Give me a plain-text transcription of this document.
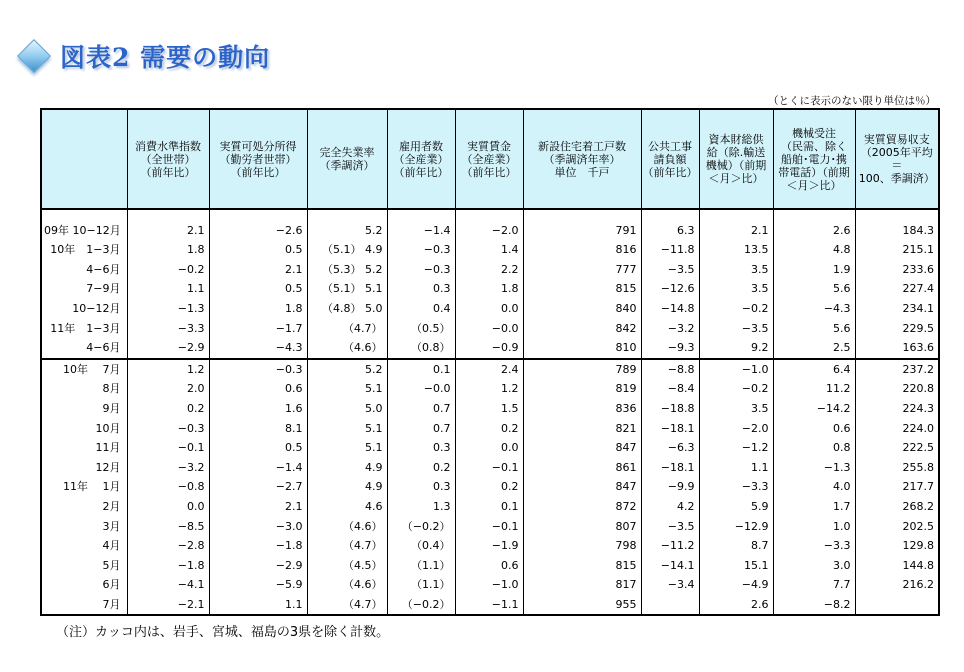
図表2 需要の動向
（とくに表示のない限り単位は％）
	消費水準指数
（全世帯）
（前年比）	実質可処分所得
（勤労者世帯）
（前年比）	完全失業率
（季調済）	雇用者数
（全産業）
（前年比）	実質賃金
（全産業）
（前年比）	新設住宅着工戸数
（季調済年率）
単位　千戸	公共工事
請負額
（前年比）	資本財総供
給（除.輸送
機械）（前期
＜月＞比）	機械受注
（民需、除く
船舶･電力･携
帯電話）（前期
＜月＞比）	実質貿易収支
（2005年平均＝
100、季調済）
09年 10−12月	2.1	−2.6	5.2	−1.4	−2.0	791	6.3	2.1	2.6	184.3
10年　1−3月	1.8	0.5	（5.1） 4.9	−0.3	1.4	816	−11.8	13.5	4.8	215.1
4−6月	−0.2	2.1	（5.3） 5.2	−0.3	2.2	777	−3.5	3.5	1.9	233.6
7−9月	1.1	0.5	（5.1） 5.1	0.3	1.8	815	−12.6	3.5	5.6	227.4
10−12月	−1.3	1.8	（4.8） 5.0	0.4	0.0	840	−14.8	−0.2	−4.3	234.1
11年　1−3月	−3.3	−1.7	（4.7）	（0.5）	−0.0	842	−3.2	−3.5	5.6	229.5
4−6月	−2.9	−4.3	（4.6）	（0.8）	−0.9	810	−9.3	9.2	2.5	163.6
10年　 7月	1.2	−0.3	5.2	0.1	2.4	789	−8.8	−1.0	6.4	237.2
8月	2.0	0.6	5.1	−0.0	1.2	819	−8.4	−0.2	11.2	220.8
9月	0.2	1.6	5.0	0.7	1.5	836	−18.8	3.5	−14.2	224.3
10月	−0.3	8.1	5.1	0.7	0.2	821	−18.1	−2.0	0.6	224.0
11月	−0.1	0.5	5.1	0.3	0.0	847	−6.3	−1.2	0.8	222.5
12月	−3.2	−1.4	4.9	0.2	−0.1	861	−18.1	1.1	−1.3	255.8
11年　 1月	−0.8	−2.7	4.9	0.3	0.2	847	−9.9	−3.3	4.0	217.7
2月	0.0	2.1	4.6	1.3	0.1	872	4.2	5.9	1.7	268.2
3月	−8.5	−3.0	（4.6）	（−0.2）	−0.1	807	−3.5	−12.9	1.0	202.5
4月	−2.8	−1.8	（4.7）	（0.4）	−1.9	798	−11.2	8.7	−3.3	129.8
5月	−1.8	−2.9	（4.5）	（1.1）	0.6	815	−14.1	15.1	3.0	144.8
6月	−4.1	−5.9	（4.6）	（1.1）	−1.0	817	−3.4	−4.9	7.7	216.2
7月	−2.1	1.1	（4.7）	（−0.2）	−1.1	955		2.6	−8.2	
（注）カッコ内は、岩手、宮城、福島の3県を除く計数。
